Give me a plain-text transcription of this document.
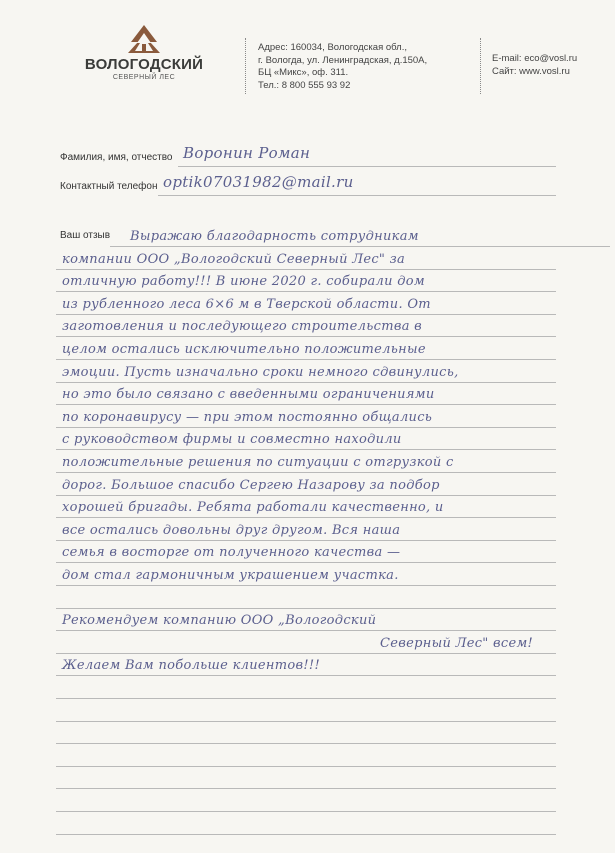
ВОЛОГОДСКИЙ
СЕВЕРНЫЙ ЛЕС
Адрес: 160034, Вологодская обл.,
г. Вологда, ул. Ленинградская, д.150А,
БЦ «Микс», оф. 311.
Тел.: 8 800 555 93 92
E-mail: eco@vosl.ru
Сайт: www.vosl.ru
Фамилия, имя, отчество Воронин Роман
Контактный телефон optik07031982@mail.ru
Ваш отзыв Выражаю благодарность сотрудникам
компании ООО „Вологодский Северный Лес" за
отличную работу!!! В июне 2020 г. собирали дом
из рубленного леса 6×6 м в Тверской области. От
заготовления и последующего строительства в
целом остались исключительно положительные
эмоции. Пусть изначально сроки немного сдвинулись,
но это было связано с введенными ограничениями
по коронавирусу — при этом постоянно общались
с руководством фирмы и совместно находили
положительные решения по ситуации с отгрузкой с
дорог. Большое спасибо Сергею Назарову за подбор
хорошей бригады. Ребята работали качественно, и
все остались довольны друг другом. Вся наша
семья в восторге от полученного качества —
дом стал гармоничным украшением участка.
Рекомендуем компанию ООО „Вологодский
Северный Лес" всем!
Желаем Вам побольше клиентов!!!
